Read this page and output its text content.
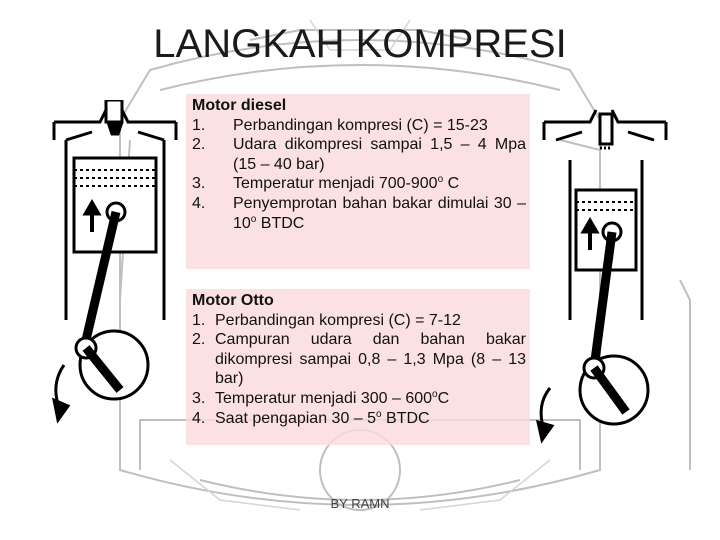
LANGKAH KOMPRESI
Motor diesel
1.	Perbandingan kompresi (C) = 15-23
2.	Udara dikompresi sampai 1,5 – 4 Mpa (15 – 40 bar)
3.	Temperatur menjadi 700-900$^o$ C
4.	Penyemprotan bahan bakar dimulai 30 – 10$^o$ BTDC
Motor Otto
1. Perbandingan kompresi (C) = 7-12
2. Campuran udara dan bahan bakar dikompresi sampai 0,8 – 1,3 Mpa (8 – 13 bar)
3. Temperatur menjadi 300 – 600$^o$C
4. Saat pengapian 30 – 5$^o$ BTDC
BY RAMN
